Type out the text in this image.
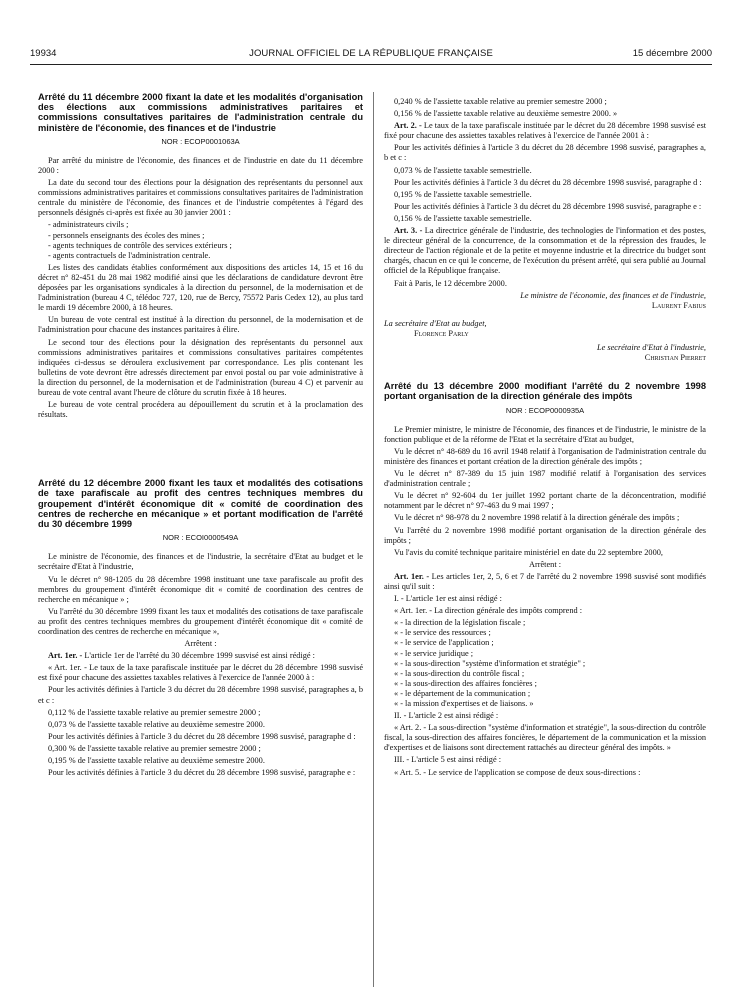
19934	JOURNAL OFFICIEL DE LA RÉPUBLIQUE FRANÇAISE	15 décembre 2000
Arrêté du 11 décembre 2000 fixant la date et les modalités d'organisation des élections aux commissions administratives paritaires et commissions consultatives paritaires de l'administration centrale du ministère de l'économie, des finances et de l'industrie
NOR : ECOP0001063A

Par arrêté du ministre de l'économie, des finances et de l'industrie en date du 11 décembre 2000 :

La date du second tour des élections pour la désignation des représentants du personnel aux commissions administratives paritaires et commissions consultatives paritaires de l'administration centrale du ministère de l'économie, des finances et de l'industrie compétentes à l'égard des personnels désignés ci-après est fixée au 30 janvier 2001 :

- administrateurs civils ;
- personnels enseignants des écoles des mines ;
- agents techniques de contrôle des services extérieurs ;
- agents contractuels de l'administration centrale.

Les listes des candidats établies conformément aux dispositions des articles 14, 15 et 16 du décret n° 82-451 du 28 mai 1982 modifié ainsi que les déclarations de candidature devront être déposées par les organisations syndicales à la direction du personnel, de la modernisation et de l'administration (bureau 4 C, télédoc 727, 120, rue de Bercy, 75572 Paris Cedex 12), au plus tard le mardi 19 décembre 2000, à 18 heures.

Un bureau de vote central est institué à la direction du personnel, de la modernisation et de l'administration pour chacune des instances paritaires à élire.

Le second tour des élections pour la désignation des représentants du personnel aux commissions administratives paritaires et commissions consultatives paritaires compétentes indiquées ci-dessus se déroulera exclusivement par correspondance. Les plis contenant les bulletins de vote devront être adressés directement par envoi postal ou par voie administrative à la direction du personnel, de la modernisation et de l'administration (bureau 4 C) et parvenir au bureau de vote central avant l'heure de clôture du scrutin fixée à 18 heures.

Le bureau de vote central procédera au dépouillement du scrutin et à la proclamation des résultats.

Arrêté du 12 décembre 2000 fixant les taux et modalités des cotisations de taxe parafiscale au profit des centres techniques membres du groupement d'intérêt économique dit « comité de coordination des centres de recherche en mécanique » et portant modification de l'arrêté du 30 décembre 1999
NOR : ECOI0000549A

Le ministre de l'économie, des finances et de l'industrie, la secrétaire d'Etat au budget et le secrétaire d'Etat à l'industrie,

Vu le décret n° 98-1205 du 28 décembre 1998 instituant une taxe parafiscale au profit des membres du groupement d'intérêt économique dit « comité de coordination des centres de recherche en mécanique » ;

Vu l'arrêté du 30 décembre 1999 fixant les taux et modalités des cotisations de taxe parafiscale au profit des centres techniques membres du groupement d'intérêt économique dit « comité de coordination des centres de recherche en mécanique »,

Arrêtent :

Art. 1er. - L'article 1er de l'arrêté du 30 décembre 1999 susvisé est ainsi rédigé :

« Art. 1er. - Le taux de la taxe parafiscale instituée par le décret du 28 décembre 1998 susvisé est fixé pour chacune des assiettes taxables relatives à l'exercice de l'année 2000 à :

Pour les activités définies à l'article 3 du décret du 28 décembre 1998 susvisé, paragraphes a, b et c :

0,112 % de l'assiette taxable relative au premier semestre 2000 ;

0,073 % de l'assiette taxable relative au deuxième semestre 2000.

Pour les activités définies à l'article 3 du décret du 28 décembre 1998 susvisé, paragraphe d :

0,300 % de l'assiette taxable relative au premier semestre 2000 ;

0,195 % de l'assiette taxable relative au deuxième semestre 2000.

Pour les activités définies à l'article 3 du décret du 28 décembre 1998 susvisé, paragraphe e :

0,240 % de l'assiette taxable relative au premier semestre 2000 ;

0,156 % de l'assiette taxable relative au deuxième semestre 2000. »

Art. 2. - Le taux de la taxe parafiscale instituée par le décret du 28 décembre 1998 susvisé est fixé pour chacune des assiettes taxables relatives à l'exercice de l'année 2001 à :

Pour les activités définies à l'article 3 du décret du 28 décembre 1998 susvisé, paragraphes a, b et c :

0,073 % de l'assiette taxable semestrielle.

Pour les activités définies à l'article 3 du décret du 28 décembre 1998 susvisé, paragraphe d :

0,195 % de l'assiette taxable semestrielle.

Pour les activités définies à l'article 3 du décret du 28 décembre 1998 susvisé, paragraphe e :

0,156 % de l'assiette taxable semestrielle.

Art. 3. - La directrice générale de l'industrie, des technologies de l'information et des postes, le directeur général de la concurrence, de la consommation et de la répression des fraudes, le directeur de l'action régionale et de la petite et moyenne industrie et la directrice du budget sont chargés, chacun en ce qui le concerne, de l'exécution du présent arrêté, qui sera publié au Journal officiel de la République française.

Fait à Paris, le 12 décembre 2000.

Le ministre de l'économie, des finances et de l'industrie,

Laurent Fabius

La secrétaire d'Etat au budget,

Florence Parly

Le secrétaire d'Etat à l'industrie,

Christian Pierret

Arrêté du 13 décembre 2000 modifiant l'arrêté du 2 novembre 1998 portant organisation de la direction générale des impôts
NOR : ECOP0000935A

Le Premier ministre, le ministre de l'économie, des finances et de l'industrie, le ministre de la fonction publique et de la réforme de l'Etat et la secrétaire d'Etat au budget,

Vu le décret n° 48-689 du 16 avril 1948 relatif à l'organisation de l'administration centrale du ministère des finances et portant création de la direction générale des impôts ;

Vu le décret n° 87-389 du 15 juin 1987 modifié relatif à l'organisation des services d'administration centrale ;

Vu le décret n° 92-604 du 1er juillet 1992 portant charte de la déconcentration, modifié notamment par le décret n° 97-463 du 9 mai 1997 ;

Vu le décret n° 98-978 du 2 novembre 1998 relatif à la direction générale des impôts ;

Vu l'arrêté du 2 novembre 1998 modifié portant organisation de la direction générale des impôts ;

Vu l'avis du comité technique paritaire ministériel en date du 22 septembre 2000,

Arrêtent :

Art. 1er. - Les articles 1er, 2, 5, 6 et 7 de l'arrêté du 2 novembre 1998 susvisé sont modifiés ainsi qu'il suit :

I. - L'article 1er est ainsi rédigé :

« Art. 1er. - La direction générale des impôts comprend :

« - la direction de la législation fiscale ;
« - le service des ressources ;
« - le service de l'application ;
« - le service juridique ;
« - la sous-direction "système d'information et stratégie" ;
« - la sous-direction du contrôle fiscal ;
« - la sous-direction des affaires foncières ;
« - le département de la communication ;
« - la mission d'expertises et de liaisons. »

II. - L'article 2 est ainsi rédigé :

« Art. 2. - La sous-direction "système d'information et stratégie", la sous-direction du contrôle fiscal, la sous-direction des affaires foncières, le département de la communication et la mission d'expertises et de liaisons sont directement rattachés au directeur général des impôts. »

III. - L'article 5 est ainsi rédigé :

« Art. 5. - Le service de l'application se compose de deux sous-directions :
